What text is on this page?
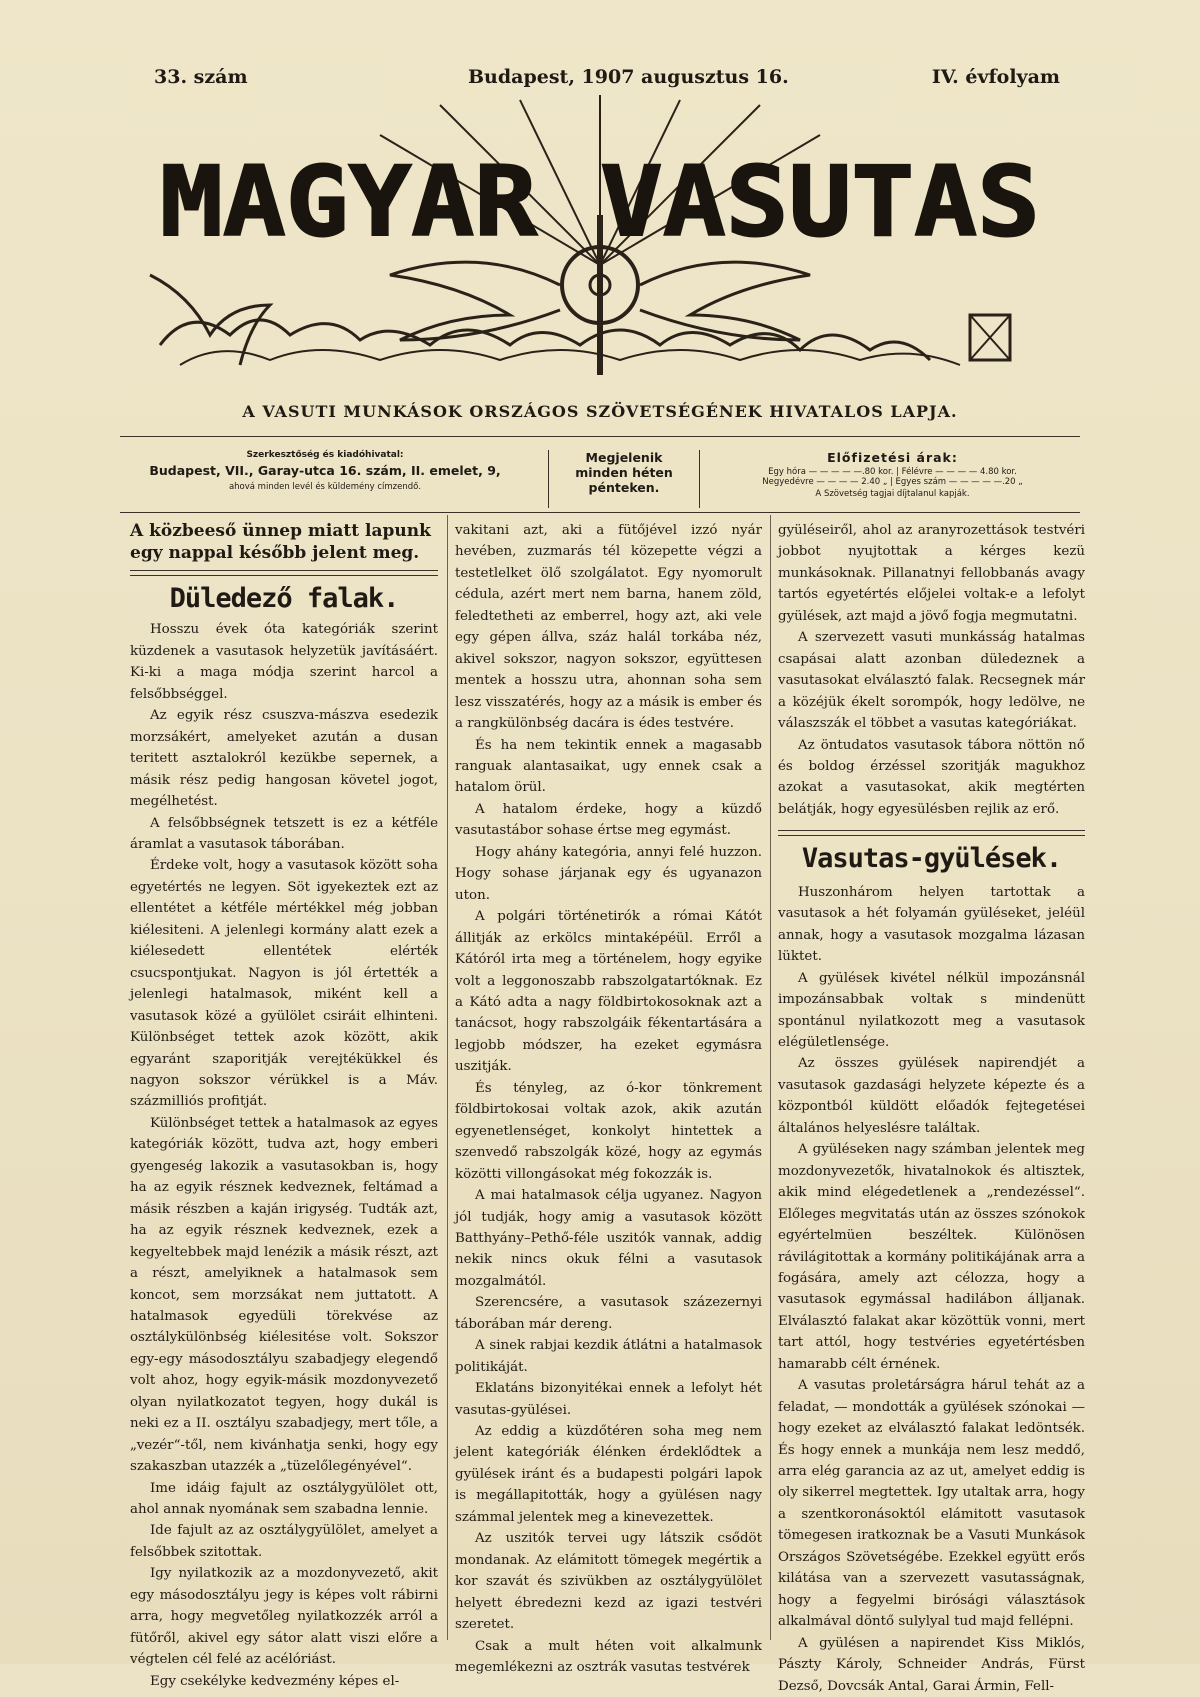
33. szám	Budapest, 1907 augusztus 16.	IV. évfolyam
MAGYAR VASUTAS
A VASUTI MUNKÁSOK ORSZÁGOS SZÖVETSÉGÉNEK HIVATALOS LAPJA.
Szerkesztőség és kiadóhivatal:
Budapest, VII., Garay-utca 16. szám, II. emelet, 9,
ahová minden levél és küldemény címzendő.
Megjelenik
minden héten
pénteken.
Előfizetési árak:
Egy hóra — — — — —.80 kor. | Félévre — — — — 4.80 kor.
Negyedévre — — — — 2.40 „ | Egyes szám — — — — —.20 „
A Szövetség tagjai díjtalanul kapják.
A közbeeső ünnep miatt lapunk egy nappal később jelent meg.
Düledező falak.

Hosszu évek óta kategóriák szerint küzdenek a vasutasok helyzetük javításáért. Ki-ki a maga módja szerint harcol a felsőbbséggel.

Az egyik rész csuszva-mászva esedezik morzsákért, amelyeket azután a dusan teritett asztalokról kezükbe sepernek, a másik rész pedig hangosan követel jogot, megélhetést.

A felsőbbségnek tetszett is ez a kétféle áramlat a vasutasok táborában.

Érdeke volt, hogy a vasutasok között soha egyetértés ne legyen. Söt igyekeztek ezt az ellentétet a kétféle mértékkel még jobban kiélesiteni. A jelenlegi kormány alatt ezek a kiélesedett ellentétek elérték csucspontjukat. Nagyon is jól értették a jelenlegi hatalmasok, miként kell a vasutasok közé a gyülölet csiráit elhinteni. Különbséget tettek azok között, akik egyaránt szaporitják verejtékükkel és nagyon sokszor vérükkel is a Máv. százmilliós profitját.

Különbséget tettek a hatalmasok az egyes kategóriák között, tudva azt, hogy emberi gyengeség lakozik a vasutasokban is, hogy ha az egyik résznek kedveznek, feltámad a másik részben a kaján irigység. Tudták azt, ha az egyik résznek kedveznek, ezek a kegyeltebbek majd lenézik a másik részt, azt a részt, amelyiknek a hatalmasok sem koncot, sem morzsákat nem juttatott. A hatalmasok egyedüli törekvése az osztálykülönbség kiélesitése volt. Sokszor egy-egy másodosztályu szabadjegy elegendő volt ahoz, hogy egyik-másik mozdonyvezető olyan nyilatkozatot tegyen, hogy dukál is neki ez a II. osztályu szabadjegy, mert tőle, a „vezér“-től, nem kivánhatja senki, hogy egy szakaszban utazzék a „tüzelőlegényével“.

Ime idáig fajult az osztálygyülölet ott, ahol annak nyomának sem szabadna lennie.

Ide fajult az az osztálygyülölet, amelyet a felsőbbek szitottak.

Igy nyilatkozik az a mozdonyvezető, akit egy másodosztályu jegy is képes volt rábirni arra, hogy megvetőleg nyilatkozzék arról a fütőről, akivel egy sátor alatt viszi előre a végtelen cél felé az acélóriást.

Egy csekélyke kedvezmény képes el-

vakitani azt, aki a fütőjével izzó nyár hevében, zuzmarás tél közepette végzi a testetlelket ölő szolgálatot. Egy nyomorult cédula, azért mert nem barna, hanem zöld, feledtetheti az emberrel, hogy azt, aki vele egy gépen állva, száz halál torkába néz, akivel sokszor, nagyon sokszor, együttesen mentek a hosszu utra, ahonnan soha sem lesz visszatérés, hogy az a másik is ember és a rangkülönbség dacára is édes testvére.

És ha nem tekintik ennek a magasabb ranguak alantasaikat, ugy ennek csak a hatalom örül.

A hatalom érdeke, hogy a küzdő vasutastábor sohase értse meg egymást.

Hogy ahány kategória, annyi felé huzzon. Hogy sohase járjanak egy és ugyanazon uton.

A polgári történetirók a római Kátót állitják az erkölcs mintaképéül. Erről a Kátóról irta meg a történelem, hogy egyike volt a leggonoszabb rabszolgatartóknak. Ez a Kátó adta a nagy földbirtokosoknak azt a tanácsot, hogy rabszolgáik fékentartására a legjobb módszer, ha ezeket egymásra uszitják.

És tényleg, az ó-kor tönkrement földbirtokosai voltak azok, akik azután egyenetlenséget, konkolyt hintettek a szenvedő rabszolgák közé, hogy az egymás közötti villongásokat még fokozzák is.

A mai hatalmasok célja ugyanez. Nagyon jól tudják, hogy amig a vasutasok között Batthyány–Pethő-féle uszitók vannak, addig nekik nincs okuk félni a vasutasok mozgalmától.

Szerencsére, a vasutasok százezernyi táborában már dereng.

A sinek rabjai kezdik átlátni a hatalmasok politikáját.

Eklatáns bizonyitékai ennek a lefolyt hét vasutas-gyülései.

Az eddig a küzdőtéren soha meg nem jelent kategóriák élénken érdeklődtek a gyülések iránt és a budapesti polgári lapok is megállapitották, hogy a gyülésen nagy számmal jelentek meg a kinevezettek.

Az uszitók tervei ugy látszik csődöt mondanak. Az elámitott tömegek megértik a kor szavát és szivükben az osztálygyülölet helyett ébredezni kezd az igazi testvéri szeretet.

Csak a mult héten voit alkalmunk megemlékezni az osztrák vasutas testvérek

gyüléseiről, ahol az aranyrozettások testvéri jobbot nyujtottak a kérges kezü munkásoknak. Pillanatnyi fellobbanás avagy tartós egyetértés előjelei voltak-e a lefolyt gyülések, azt majd a jövő fogja megmutatni.

A szervezett vasuti munkásság hatalmas csapásai alatt azonban düledeznek a vasutasokat elválasztó falak. Recsegnek már a közéjük ékelt sorompók, hogy ledölve, ne válaszszák el többet a vasutas kategóriákat.

Az öntudatos vasutasok tábora nöttön nő és boldog érzéssel szoritják magukhoz azokat a vasutasokat, akik megtérten belátják, hogy egyesülésben rejlik az erő.

Vasutas-gyülések.

Huszonhárom helyen tartottak a vasutasok a hét folyamán gyüléseket, jeléül annak, hogy a vasutasok mozgalma lázasan lüktet.

A gyülések kivétel nélkül impozánsnál impozánsabbak voltak s mindenütt spontánul nyilatkozott meg a vasutasok elégületlensége.

Az összes gyülések napirendjét a vasutasok gazdasági helyzete képezte és a központból küldött előadók fejtegetései általános helyeslésre találtak.

A gyüléseken nagy számban jelentek meg mozdonyvezetők, hivatalnokok és altisztek, akik mind elégedetlenek a „rendezéssel“. Előleges megvitatás után az összes szónokok egyértelmüen beszéltek. Különösen rávilágitottak a kormány politikájának arra a fogására, amely azt célozza, hogy a vasutasok egymással hadilábon álljanak. Elválasztó falakat akar közöttük vonni, mert tart attól, hogy testvéries egyetértésben hamarabb célt érnének.

A vasutas proletárságra hárul tehát az a feladat, — mondották a gyülések szónokai — hogy ezeket az elválasztó falakat ledöntsék. És hogy ennek a munkája nem lesz meddő, arra elég garancia az az ut, amelyet eddig is oly sikerrel megtettek. Igy utaltak arra, hogy a szentkoronásoktól elámitott vasutasok tömegesen iratkoznak be a Vasuti Munkások Országos Szövetségébe. Ezekkel együtt erős kilátása van a szervezett vasutasságnak, hogy a fegyelmi birósági választások alkalmával döntő sulylyal tud majd fellépni.

A gyülésen a napirendet Kiss Miklós, Pászty Károly, Schneider András, Fürst Dezső, Dovcsák Antal, Garai Ármin, Fell-
